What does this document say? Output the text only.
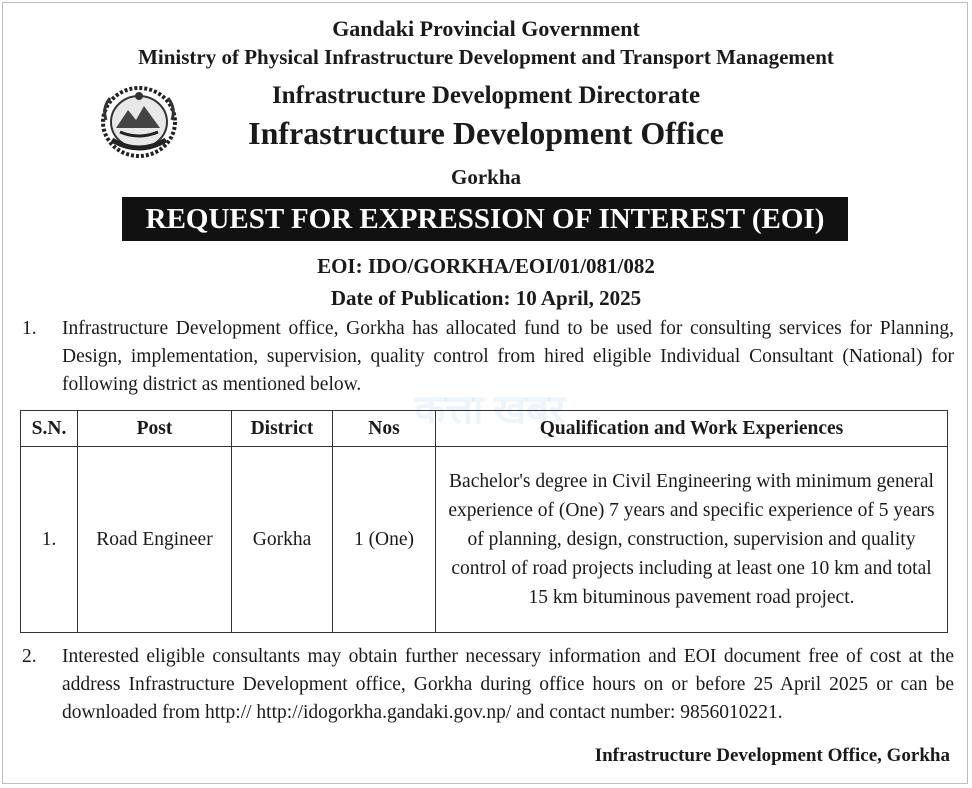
कत्ता खबर
Gandaki Provincial Government
Ministry of Physical Infrastructure Development and Transport Management
Infrastructure Development Directorate
Infrastructure Development Office
Gorkha
REQUEST FOR EXPRESSION OF INTEREST (EOI)
EOI: IDO/GORKHA/EOI/01/081/082
Date of Publication: 10 April, 2025
1. Infrastructure Development office, Gorkha has allocated fund to be used for consulting services for Planning, Design, implementation, supervision, quality control from hired eligible Individual Consultant (National) for following district as mentioned below.
S.N.	Post	District	Nos	Qualification and Work Experiences
1.	Road Engineer	Gorkha	1 (One)	Bachelor's degree in Civil Engineering with minimum general experience of (One) 7 years and specific experience of 5 years of planning, design, construction, supervision and quality control of road projects including at least one 10 km and total 15 km bituminous pavement road project.
2. Interested eligible consultants may obtain further necessary information and EOI document free of cost at the address Infrastructure Development office, Gorkha during office hours on or before 25 April 2025 or can be downloaded from http:// http://idogorkha.gandaki.gov.np/ and contact number: 9856010221.
Infrastructure Development Office, Gorkha
